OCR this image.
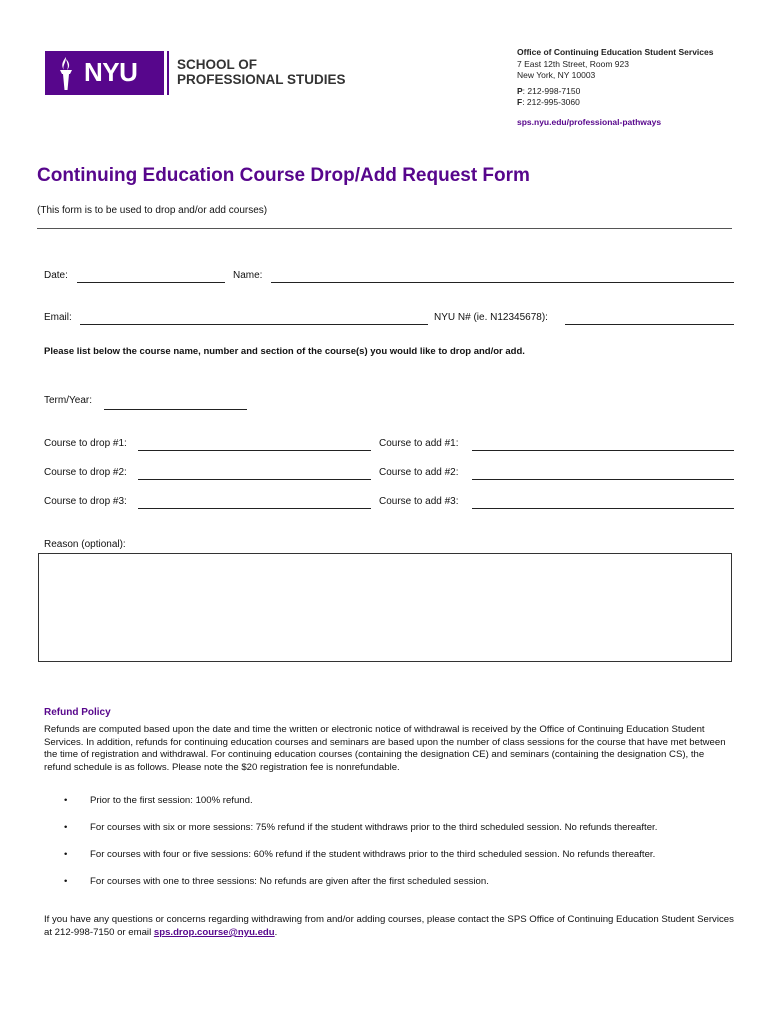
NYU	SCHOOL OF
PROFESSIONAL STUDIES
Office of Continuing Education Student Services
7 East 12th Street, Room 923
New York, NY 10003
P: 212-998-7150
F: 212-995-3060
sps.nyu.edu/professional-pathways
Continuing Education Course Drop/Add Request Form
(This form is to be used to drop and/or add courses)
Date:	Name:
Email:	NYU N# (ie. N12345678):
Please list below the course name, number and section of the course(s) you would like to drop and/or add.
Term/Year:
Course to drop #1:	Course to add #1:
Course to drop #2:	Course to add #2:
Course to drop #3:	Course to add #3:
Reason (optional):
Refund Policy
Refunds are computed based upon the date and time the written or electronic notice of withdrawal is received by the Office of Continuing Education Student Services. In addition, refunds for continuing education courses and seminars are based upon the number of class sessions for the course that have met between the time of registration and withdrawal. For continuing education courses (containing the designation CE) and seminars (containing the designation CS), the refund schedule is as follows. Please note the $20 registration fee is nonrefundable.
• Prior to the first session: 100% refund.
• For courses with six or more sessions: 75% refund if the student withdraws prior to the third scheduled session. No refunds thereafter.
• For courses with four or five sessions: 60% refund if the student withdraws prior to the third scheduled session. No refunds thereafter.
• For courses with one to three sessions: No refunds are given after the first scheduled session.
If you have any questions or concerns regarding withdrawing from and/or adding courses, please contact the SPS Office of Continuing Education Student Services at 212-998-7150 or email sps.drop.course@nyu.edu.
